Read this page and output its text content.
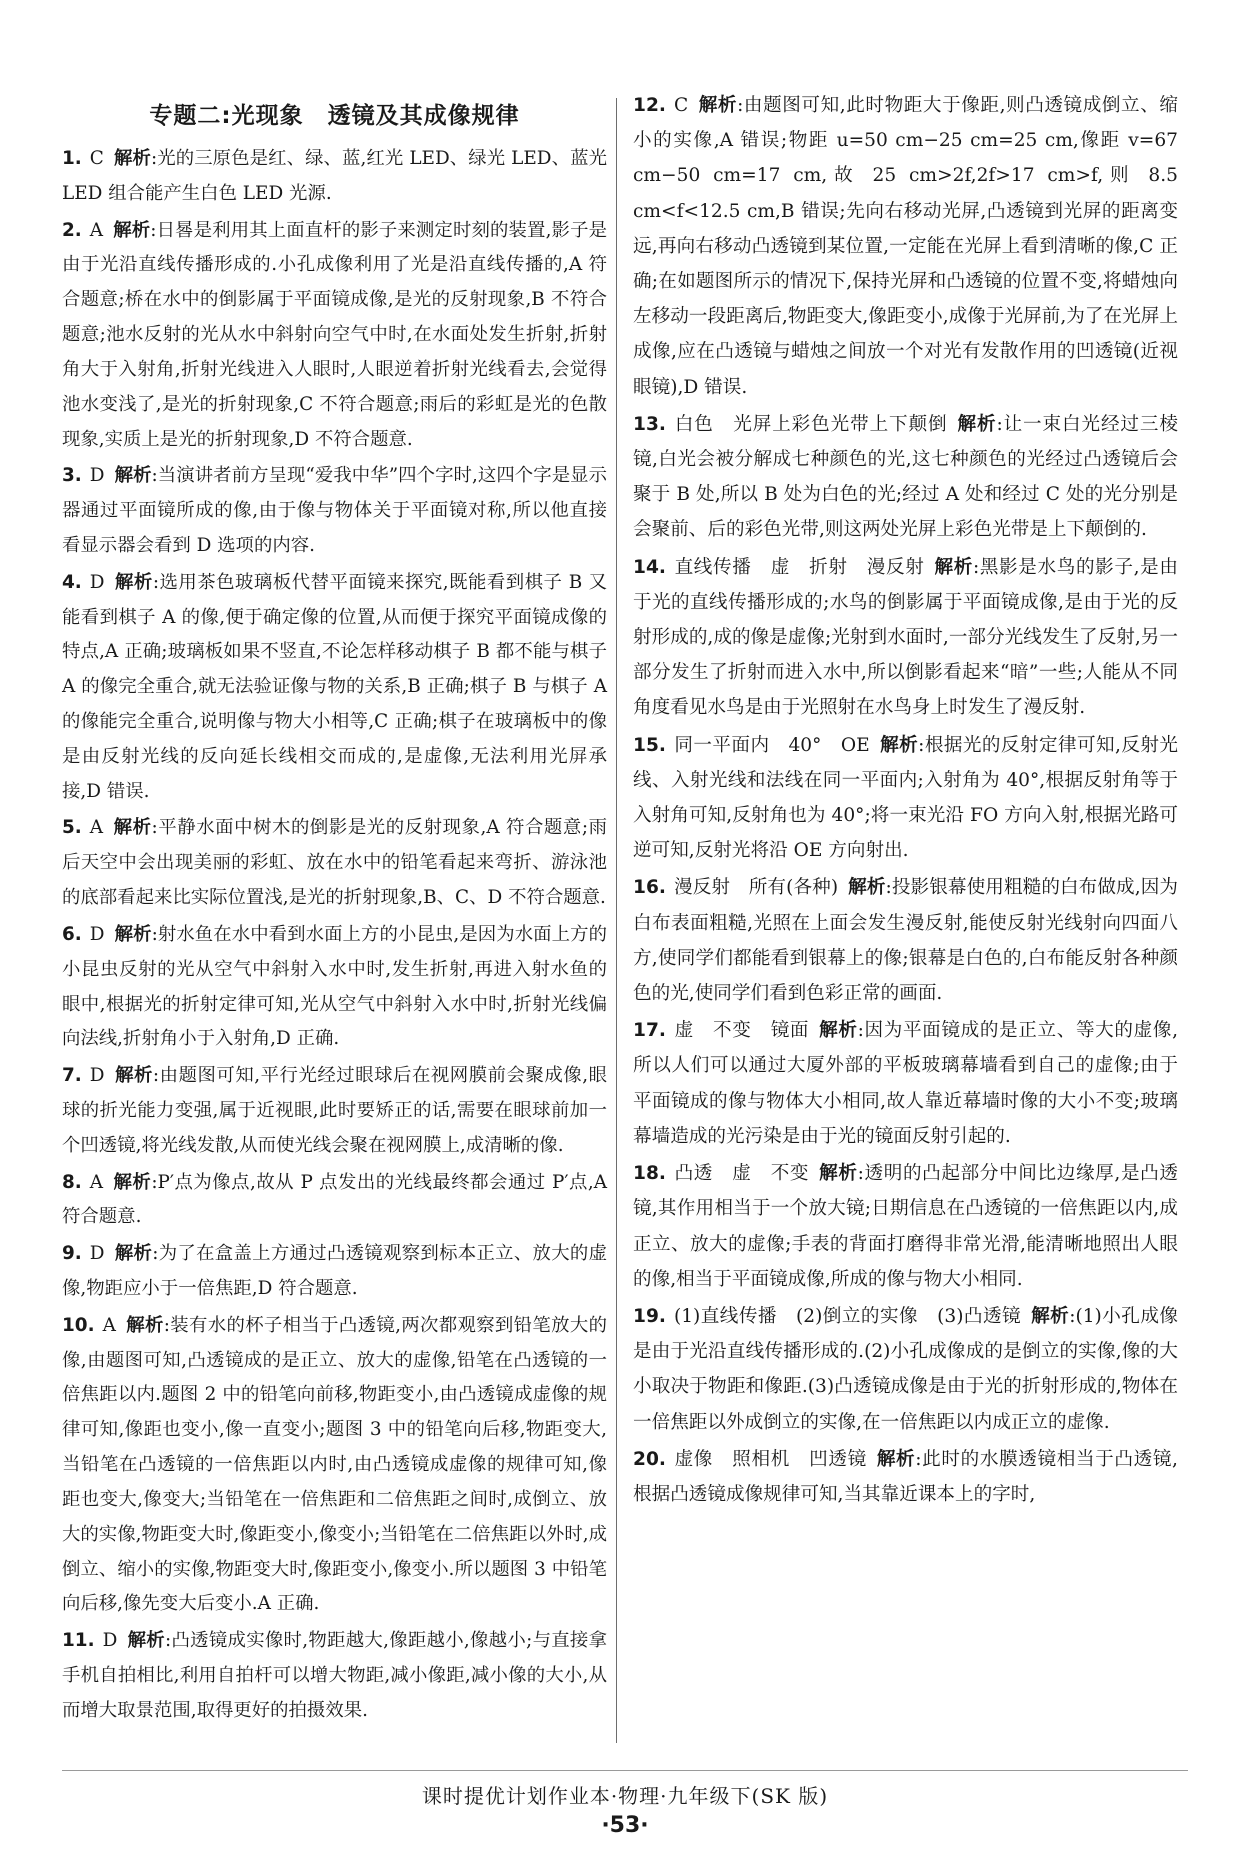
专题二:光现象　透镜及其成像规律
1. C 解析:光的三原色是红、绿、蓝,红光 LED、绿光 LED、蓝光 LED 组合能产生白色 LED 光源.
2. A 解析:日晷是利用其上面直杆的影子来测定时刻的装置,影子是由于光沿直线传播形成的.小孔成像利用了光是沿直线传播的,A 符合题意;桥在水中的倒影属于平面镜成像,是光的反射现象,B 不符合题意;池水反射的光从水中斜射向空气中时,在水面处发生折射,折射角大于入射角,折射光线进入人眼时,人眼逆着折射光线看去,会觉得池水变浅了,是光的折射现象,C 不符合题意;雨后的彩虹是光的色散现象,实质上是光的折射现象,D 不符合题意.
3. D 解析:当演讲者前方呈现“爱我中华”四个字时,这四个字是显示器通过平面镜所成的像,由于像与物体关于平面镜对称,所以他直接看显示器会看到 D 选项的内容.
4. D 解析:选用茶色玻璃板代替平面镜来探究,既能看到棋子 B 又能看到棋子 A 的像,便于确定像的位置,从而便于探究平面镜成像的特点,A 正确;玻璃板如果不竖直,不论怎样移动棋子 B 都不能与棋子 A 的像完全重合,就无法验证像与物的关系,B 正确;棋子 B 与棋子 A 的像能完全重合,说明像与物大小相等,C 正确;棋子在玻璃板中的像是由反射光线的反向延长线相交而成的,是虚像,无法利用光屏承接,D 错误.
5. A 解析:平静水面中树木的倒影是光的反射现象,A 符合题意;雨后天空中会出现美丽的彩虹、放在水中的铅笔看起来弯折、游泳池的底部看起来比实际位置浅,是光的折射现象,B、C、D 不符合题意.
6. D 解析:射水鱼在水中看到水面上方的小昆虫,是因为水面上方的小昆虫反射的光从空气中斜射入水中时,发生折射,再进入射水鱼的眼中,根据光的折射定律可知,光从空气中斜射入水中时,折射光线偏向法线,折射角小于入射角,D 正确.
7. D 解析:由题图可知,平行光经过眼球后在视网膜前会聚成像,眼球的折光能力变强,属于近视眼,此时要矫正的话,需要在眼球前加一个凹透镜,将光线发散,从而使光线会聚在视网膜上,成清晰的像.
8. A 解析:P′点为像点,故从 P 点发出的光线最终都会通过 P′点,A 符合题意.
9. D 解析:为了在盒盖上方通过凸透镜观察到标本正立、放大的虚像,物距应小于一倍焦距,D 符合题意.
10. A 解析:装有水的杯子相当于凸透镜,两次都观察到铅笔放大的像,由题图可知,凸透镜成的是正立、放大的虚像,铅笔在凸透镜的一倍焦距以内.题图 2 中的铅笔向前移,物距变小,由凸透镜成虚像的规律可知,像距也变小,像一直变小;题图 3 中的铅笔向后移,物距变大,当铅笔在凸透镜的一倍焦距以内时,由凸透镜成虚像的规律可知,像距也变大,像变大;当铅笔在一倍焦距和二倍焦距之间时,成倒立、放大的实像,物距变大时,像距变小,像变小;当铅笔在二倍焦距以外时,成倒立、缩小的实像,物距变大时,像距变小,像变小.所以题图 3 中铅笔向后移,像先变大后变小.A 正确.
11. D 解析:凸透镜成实像时,物距越大,像距越小,像越小;与直接拿手机自拍相比,利用自拍杆可以增大物距,减小像距,减小像的大小,从而增大取景范围,取得更好的拍摄效果.
12. C 解析:由题图可知,此时物距大于像距,则凸透镜成倒立、缩小的实像,A 错误;物距 u=50 cm−25 cm=25 cm,像距 v=67 cm−50 cm=17 cm,故 25 cm>2f,2f>17 cm>f,则 8.5 cm<f<12.5 cm,B 错误;先向右移动光屏,凸透镜到光屏的距离变远,再向右移动凸透镜到某位置,一定能在光屏上看到清晰的像,C 正确;在如题图所示的情况下,保持光屏和凸透镜的位置不变,将蜡烛向左移动一段距离后,物距变大,像距变小,成像于光屏前,为了在光屏上成像,应在凸透镜与蜡烛之间放一个对光有发散作用的凹透镜(近视眼镜),D 错误.
13. 白色　光屏上彩色光带上下颠倒 解析:让一束白光经过三棱镜,白光会被分解成七种颜色的光,这七种颜色的光经过凸透镜后会聚于 B 处,所以 B 处为白色的光;经过 A 处和经过 C 处的光分别是会聚前、后的彩色光带,则这两处光屏上彩色光带是上下颠倒的.
14. 直线传播　虚　折射　漫反射 解析:黑影是水鸟的影子,是由于光的直线传播形成的;水鸟的倒影属于平面镜成像,是由于光的反射形成的,成的像是虚像;光射到水面时,一部分光线发生了反射,另一部分发生了折射而进入水中,所以倒影看起来“暗”一些;人能从不同角度看见水鸟是由于光照射在水鸟身上时发生了漫反射.
15. 同一平面内　40°　OE 解析:根据光的反射定律可知,反射光线、入射光线和法线在同一平面内;入射角为 40°,根据反射角等于入射角可知,反射角也为 40°;将一束光沿 FO 方向入射,根据光路可逆可知,反射光将沿 OE 方向射出.
16. 漫反射　所有(各种) 解析:投影银幕使用粗糙的白布做成,因为白布表面粗糙,光照在上面会发生漫反射,能使反射光线射向四面八方,使同学们都能看到银幕上的像;银幕是白色的,白布能反射各种颜色的光,使同学们看到色彩正常的画面.
17. 虚　不变　镜面 解析:因为平面镜成的是正立、等大的虚像,所以人们可以通过大厦外部的平板玻璃幕墙看到自己的虚像;由于平面镜成的像与物体大小相同,故人靠近幕墙时像的大小不变;玻璃幕墙造成的光污染是由于光的镜面反射引起的.
18. 凸透　虚　不变 解析:透明的凸起部分中间比边缘厚,是凸透镜,其作用相当于一个放大镜;日期信息在凸透镜的一倍焦距以内,成正立、放大的虚像;手表的背面打磨得非常光滑,能清晰地照出人眼的像,相当于平面镜成像,所成的像与物大小相同.
19. (1)直线传播　(2)倒立的实像　(3)凸透镜 解析:(1)小孔成像是由于光沿直线传播形成的.(2)小孔成像成的是倒立的实像,像的大小取决于物距和像距.(3)凸透镜成像是由于光的折射形成的,物体在一倍焦距以外成倒立的实像,在一倍焦距以内成正立的虚像.
20. 虚像　照相机　凹透镜 解析:此时的水膜透镜相当于凸透镜,根据凸透镜成像规律可知,当其靠近课本上的字时,
课时提优计划作业本·物理·九年级下(SK 版)
·53·
